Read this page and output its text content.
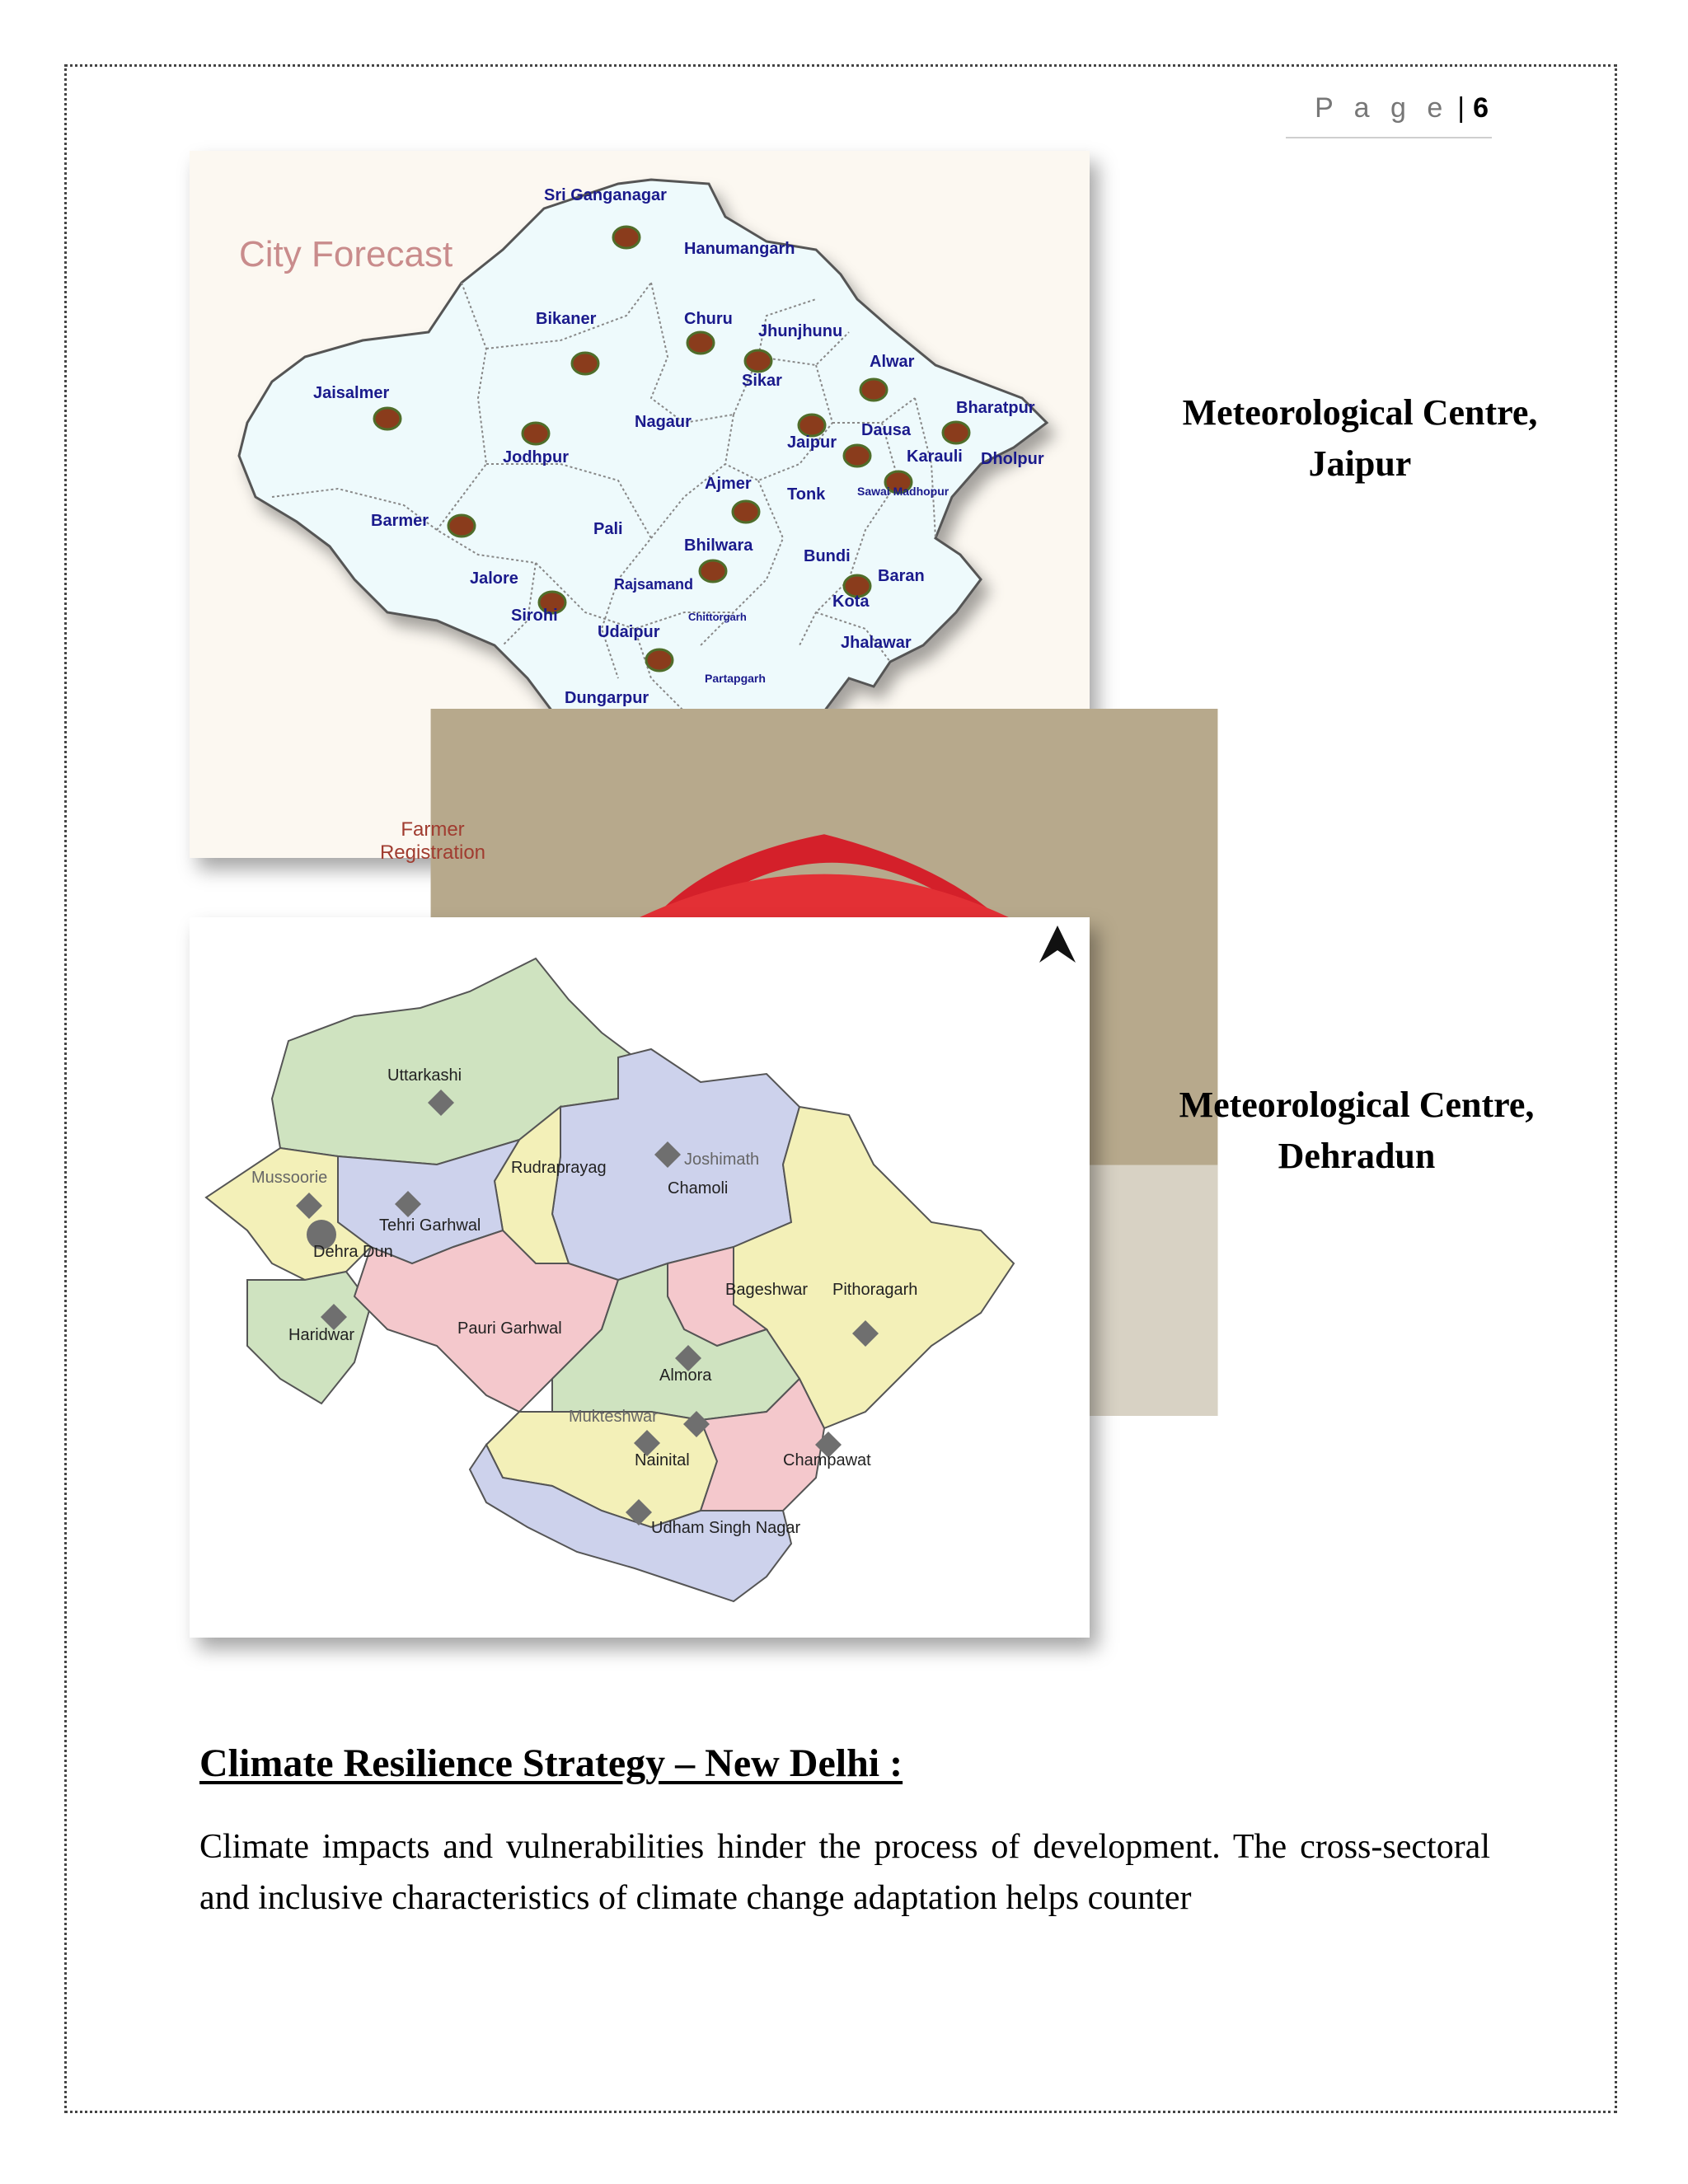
P a g e | 6
City Forecast
Sri Ganganagar
Hanumangarh
Bikaner	Churu
Jhunjhunu
Alwar
Jaisalmer
Sikar
Bharatpur
Nagaur
Jaipur
Dausa
Jodhpur	Karauli Dholpur
Ajmer
Tonk	Sawai Madhopur
Barmer	Pali
Bhilwara
Bundi
Jalore	Rajsamand	Baran
Sirohi
Kota
Chittorgarh
Udaipur
Jhalawar
Partapgarh
Dungarpur
Farmer
Registration
Uttarkashi
Rudraprayag	Joshimath
Mussoorie
Chamoli
Tehri Garhwal
Dehra Dun
Bageshwar Pithoragarh
Haridwar	Pauri Garhwal
Almora
Mukteshwar
Nainital	Champawat
Udham Singh Nagar
Meteorological Centre,
Jaipur
Meteorological Centre,
Dehradun
Climate Resilience Strategy – New Delhi :
Climate impacts and vulnerabilities hinder the process of development. The cross-sectoral and inclusive characteristics of climate change adaptation helps counter
